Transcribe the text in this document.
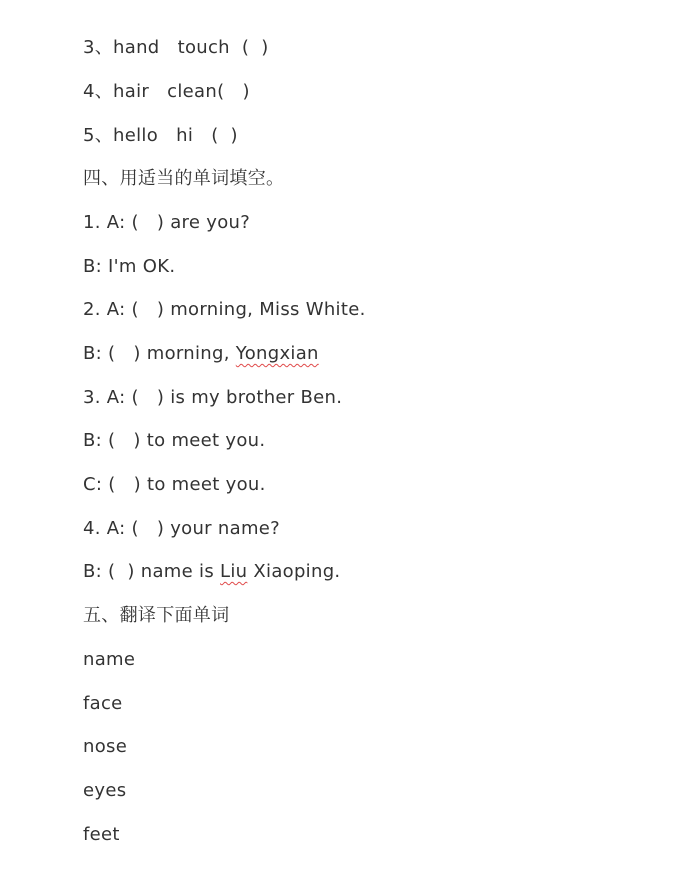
3、hand   touch  (  )
4、hair   clean(   )
5、hello   hi   (  )
四、用适当的单词填空。
1. A: (   ) are you?
B: I'm OK.
2. A: (   ) morning, Miss White.
B: (   ) morning, Yongxian
3. A: (   ) is my brother Ben.
B: (   ) to meet you.
C: (   ) to meet you.
4. A: (   ) your name?
B: (  ) name is Liu Xiaoping.
五、翻译下面单词
name
face
nose
eyes
feet
